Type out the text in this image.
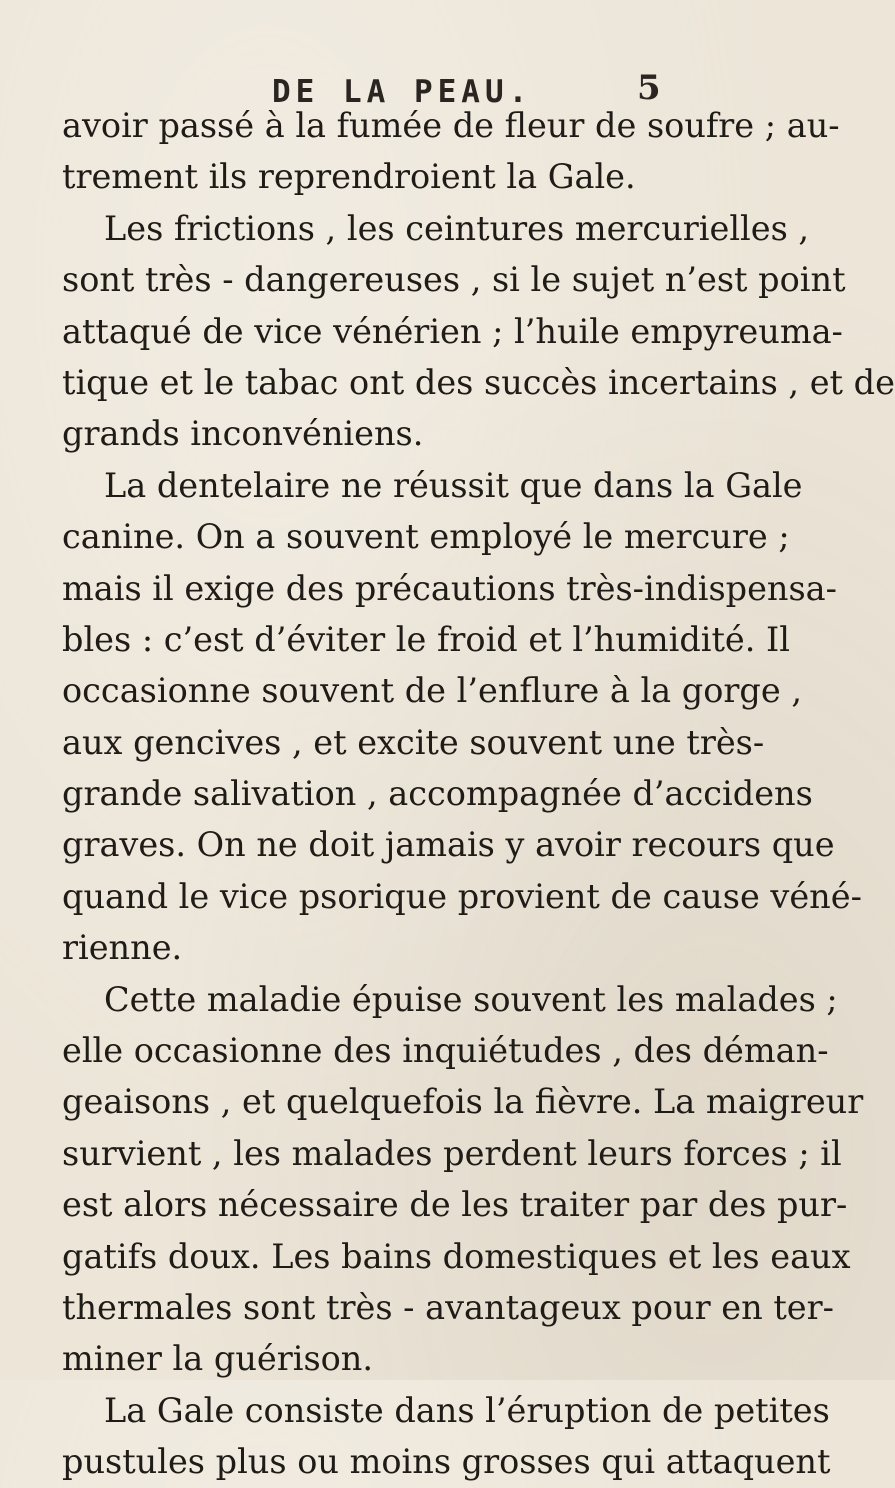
DE LA PEAU.	5
avoir passé à la fumée de fleur de soufre ; au-
trement ils reprendroient la Gale.
Les frictions , les ceintures mercurielles ,
sont très - dangereuses , si le sujet n’est point
attaqué de vice vénérien ; l’huile empyreuma-
tique et le tabac ont des succès incertains , et de
grands inconvéniens.
La dentelaire ne réussit que dans la Gale
canine. On a souvent employé le mercure ;
mais il exige des précautions très-indispensa-
bles : c’est d’éviter le froid et l’humidité. Il
occasionne souvent de l’enflure à la gorge ,
aux gencives , et excite souvent une très-
grande salivation , accompagnée d’accidens
graves. On ne doit jamais y avoir recours que
quand le vice psorique provient de cause véné-
rienne.
Cette maladie épuise souvent les malades ;
elle occasionne des inquiétudes , des déman-
geaisons , et quelquefois la fièvre. La maigreur
survient , les malades perdent leurs forces ; il
est alors nécessaire de les traiter par des pur-
gatifs doux. Les bains domestiques et les eaux
thermales sont très - avantageux pour en ter-
miner la guérison.
La Gale consiste dans l’éruption de petites
pustules plus ou moins grosses qui attaquent
